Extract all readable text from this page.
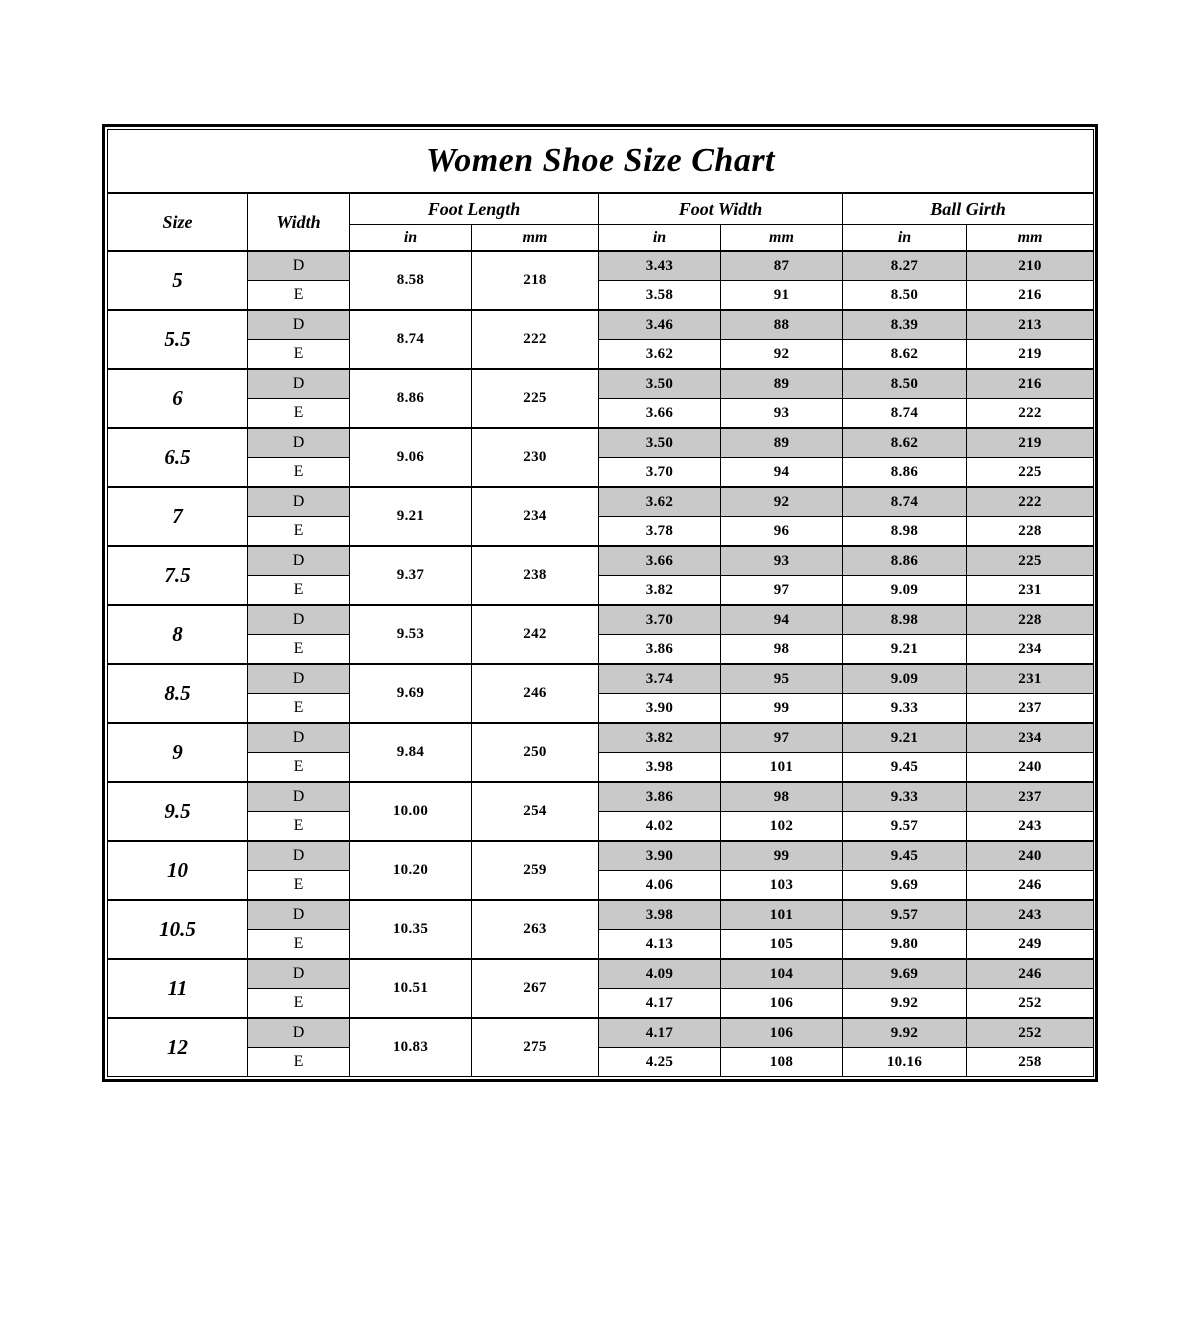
Women Shoe Size Chart							
Size	Width	Foot Length		Foot Width		Ball Girth	
		in	mm	in	mm	in	mm
5	D	8.58	218	3.43	87	8.27	210
	E			3.58	91	8.50	216
5.5	D	8.74	222	3.46	88	8.39	213
	E			3.62	92	8.62	219
6	D	8.86	225	3.50	89	8.50	216
	E			3.66	93	8.74	222
6.5	D	9.06	230	3.50	89	8.62	219
	E			3.70	94	8.86	225
7	D	9.21	234	3.62	92	8.74	222
	E			3.78	96	8.98	228
7.5	D	9.37	238	3.66	93	8.86	225
	E			3.82	97	9.09	231
8	D	9.53	242	3.70	94	8.98	228
	E			3.86	98	9.21	234
8.5	D	9.69	246	3.74	95	9.09	231
	E			3.90	99	9.33	237
9	D	9.84	250	3.82	97	9.21	234
	E			3.98	101	9.45	240
9.5	D	10.00	254	3.86	98	9.33	237
	E			4.02	102	9.57	243
10	D	10.20	259	3.90	99	9.45	240
	E			4.06	103	9.69	246
10.5	D	10.35	263	3.98	101	9.57	243
	E			4.13	105	9.80	249
11	D	10.51	267	4.09	104	9.69	246
	E			4.17	106	9.92	252
12	D	10.83	275	4.17	106	9.92	252
	E			4.25	108	10.16	258
